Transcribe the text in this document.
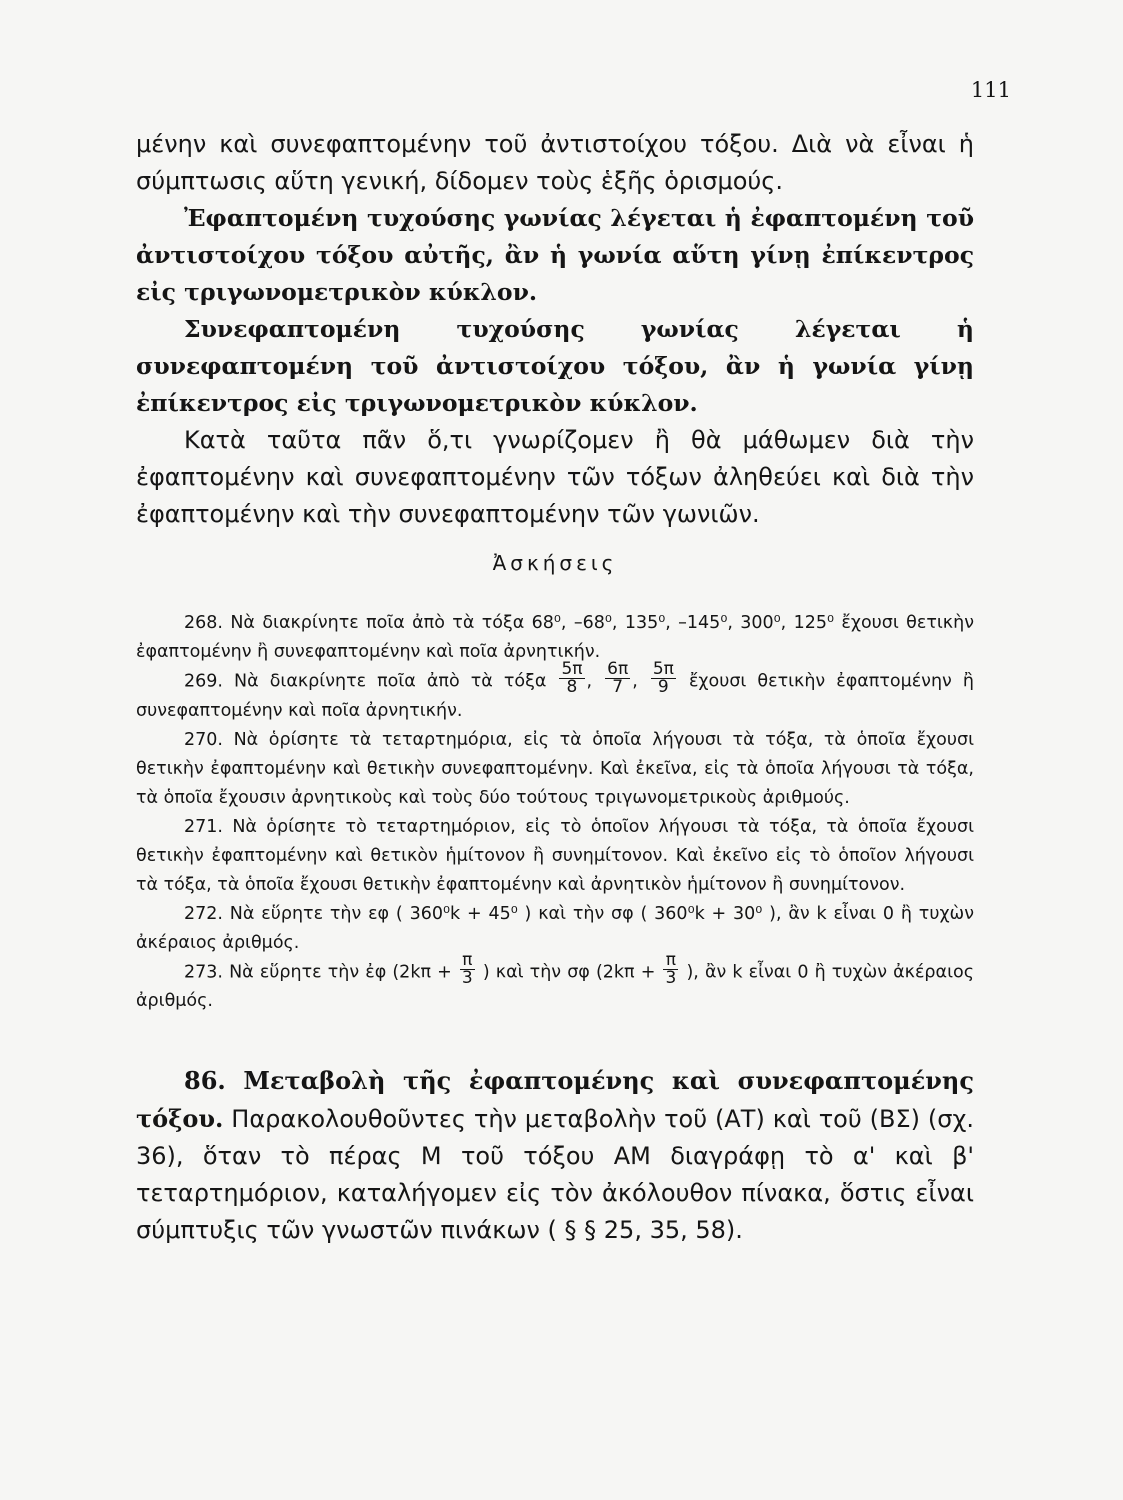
111

μένην καὶ συνεφαπτομένην τοῦ ἀντιστοίχου τόξου. Διὰ νὰ εἶναι ἡ σύμπτωσις αὕτη γενική, δίδομεν τοὺς ἑξῆς ὁρισμούς.

Ἐφαπτομένη τυχούσης γωνίας λέγεται ἡ ἐφαπτομένη τοῦ ἀντιστοίχου τόξου αὐτῆς, ἂν ἡ γωνία αὕτη γίνῃ ἐπίκεντρος εἰς τριγωνομετρικὸν κύκλον.

Συνεφαπτομένη τυχούσης γωνίας λέγεται ἡ συνεφαπτομένη τοῦ ἀντιστοίχου τόξου, ἂν ἡ γωνία γίνῃ ἐπίκεντρος εἰς τριγωνομετρικὸν κύκλον.

Κατὰ ταῦτα πᾶν ὅ,τι γνωρίζομεν ἢ θὰ μάθωμεν διὰ τὴν ἐφαπτομένην καὶ συνεφαπτομένην τῶν τόξων ἀληθεύει καὶ διὰ τὴν ἐφαπτομένην καὶ τὴν συνεφαπτομένην τῶν γωνιῶν.

Ἀσκήσεις

268. Νὰ διακρίνητε ποῖα ἀπὸ τὰ τόξα 68⁰, –68⁰, 135⁰, –145⁰, 300⁰, 125⁰ ἔχουσι θετικὴν ἐφαπτομένην ἢ συνεφαπτομένην καὶ ποῖα ἀρνητικήν.

269. Νὰ διακρίνητε ποῖα ἀπὸ τὰ τόξα $\frac{5\pi}{8}$ , $\frac{6\pi}{7}$ , $\frac{5\pi}{9}$ ἔχουσι θετικὴν ἐφαπτομένην ἢ συνεφαπτομένην καὶ ποῖα ἀρνητικήν.

270. Νὰ ὁρίσητε τὰ τεταρτημόρια, εἰς τὰ ὁποῖα λήγουσι τὰ τόξα, τὰ ὁποῖα ἔχουσι θετικὴν ἐφαπτομένην καὶ θετικὴν συνεφαπτομένην. Καὶ ἐκεῖνα, εἰς τὰ ὁποῖα λήγουσι τὰ τόξα, τὰ ὁποῖα ἔχουσιν ἀρνητικοὺς καὶ τοὺς δύο τούτους τριγωνομετρικοὺς ἀριθμούς.

271. Νὰ ὁρίσητε τὸ τεταρτημόριον, εἰς τὸ ὁποῖον λήγουσι τὰ τόξα, τὰ ὁποῖα ἔχουσι θετικὴν ἐφαπτομένην καὶ θετικὸν ἡμίτονον ἢ συνημίτονον. Καὶ ἐκεῖνο εἰς τὸ ὁποῖον λήγουσι τὰ τόξα, τὰ ὁποῖα ἔχουσι θετικὴν ἐφαπτομένην καὶ ἀρνητικὸν ἡμίτονον ἢ συνημίτονον.

272. Νὰ εὕρητε τὴν εφ ( 360⁰k + 45⁰ ) καὶ τὴν σφ ( 360⁰k + 30⁰ ), ἂν k εἶναι 0 ἢ τυχὼν ἀκέραιος ἀριθμός.

273. Νὰ εὕρητε τὴν ἐφ ($2k\pi + \frac{\pi}{3}$ ) καὶ τὴν σφ ($2k\pi + \frac{\pi}{3}$ ), ἂν k εἶναι 0 ἢ τυχὼν ἀκέραιος ἀριθμός.

86. Μεταβολὴ τῆς ἐφαπτομένης καὶ συνεφαπτομένης τόξου. Παρακολουθοῦντες τὴν μεταβολὴν τοῦ (ΑΤ) καὶ τοῦ (ΒΣ) (σχ. 36), ὅταν τὸ πέρας Μ τοῦ τόξου ΑΜ διαγράφῃ τὸ α' καὶ β' τεταρτημόριον, καταλήγομεν εἰς τὸν ἀκόλουθον πίνακα, ὅστις εἶναι σύμπτυξις τῶν γνωστῶν πινάκων ( § § 25, 35, 58).
